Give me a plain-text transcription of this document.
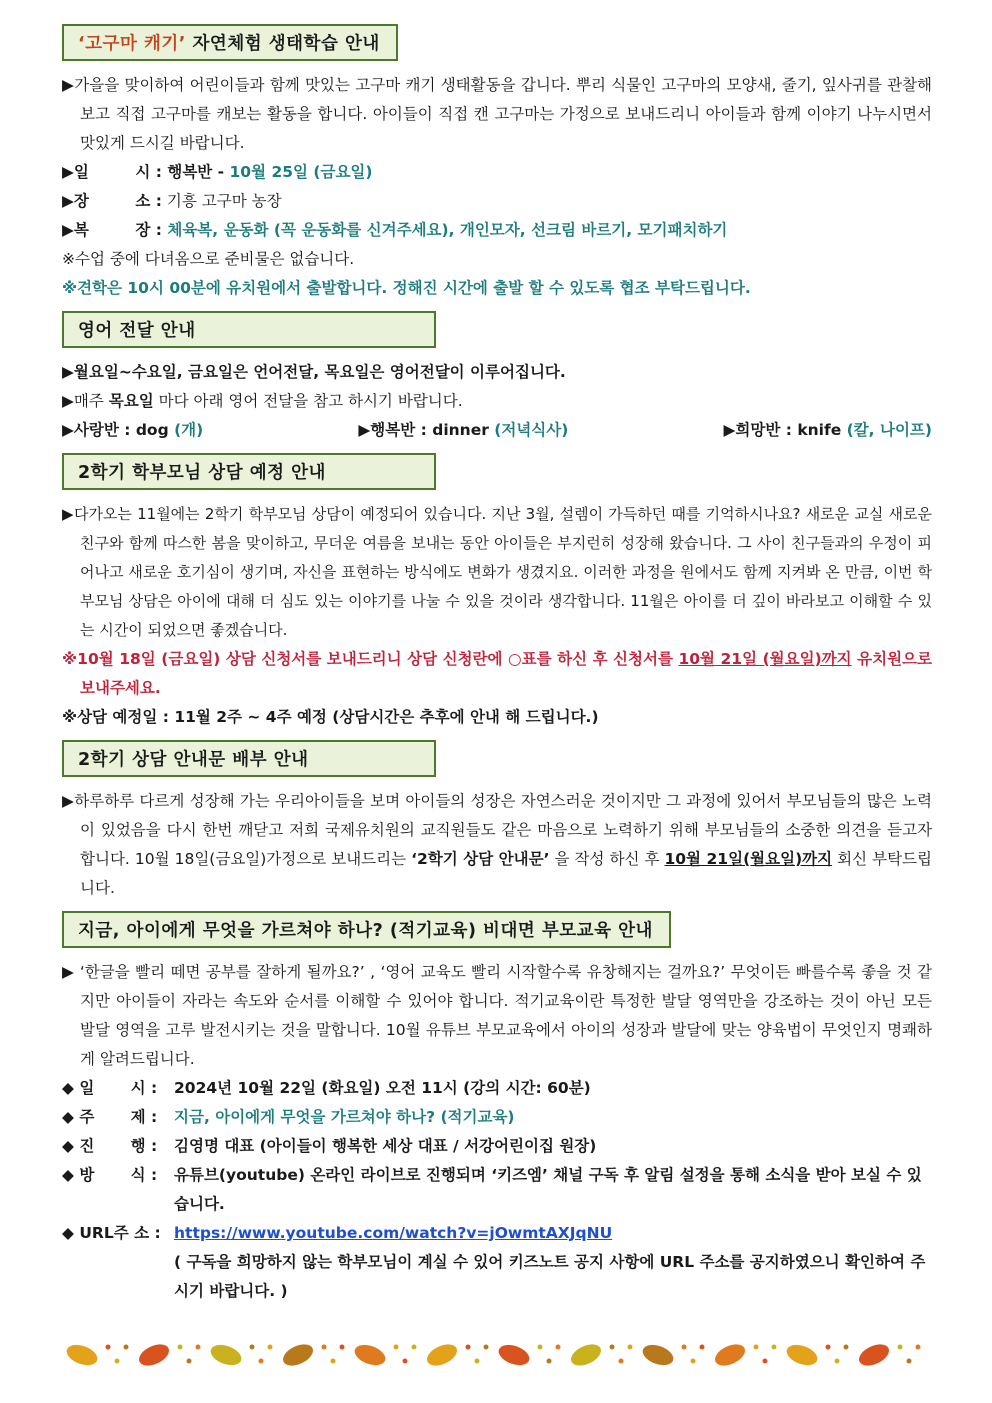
‘고구마 캐기’ 자연체험 생태학습 안내

▶가을을 맞이하여 어린이들과 함께 맛있는 고구마 캐기 생태활동을 갑니다. 뿌리 식물인 고구마의 모양새, 줄기, 잎사귀를 관찰해 보고 직접 고구마를 캐보는 활동을 합니다. 아이들이 직접 캔 고구마는 가정으로 보내드리니 아이들과 함께 이야기 나누시면서 맛있게 드시길 바랍니다.

▶일　　　시 : 행복반 - 10월 25일 (금요일)
▶장　　　소 : 기흥 고구마 농장
▶복　　　장 : 체육복, 운동화 (꼭 운동화를 신겨주세요), 개인모자, 선크림 바르기, 모기패치하기
※수업 중에 다녀옴으로 준비물은 없습니다.
※견학은 10시 00분에 유치원에서 출발합니다. 정해진 시간에 출발 할 수 있도록 협조 부탁드립니다.
영어 전달 안내
▶월요일~수요일, 금요일은 언어전달, 목요일은 영어전달이 이루어집니다.
▶매주 목요일 마다 아래 영어 전달을 참고 하시기 바랍니다.
▶사랑반 : dog (개)	▶행복반 : dinner (저녁식사)	▶희망반 : knife (칼, 나이프)
2학기 학부모님 상담 예정 안내

▶다가오는 11월에는 2학기 학부모님 상담이 예정되어 있습니다. 지난 3월, 설렘이 가득하던 때를 기억하시나요? 새로운 교실 새로운 친구와 함께 따스한 봄을 맞이하고, 무더운 여름을 보내는 동안 아이들은 부지런히 성장해 왔습니다. 그 사이 친구들과의 우정이 피어나고 새로운 호기심이 생기며, 자신을 표현하는 방식에도 변화가 생겼지요. 이러한 과정을 원에서도 함께 지켜봐 온 만큼, 이번 학부모님 상담은 아이에 대해 더 심도 있는 이야기를 나눌 수 있을 것이라 생각합니다. 11월은 아이를 더 깊이 바라보고 이해할 수 있는 시간이 되었으면 좋겠습니다.

※10월 18일 (금요일) 상담 신청서를 보내드리니 상담 신청란에 ○표를 하신 후 신청서를 10월 21일 (월요일)까지 유치원으로 보내주세요.

※상담 예정일 : 11월 2주 ~ 4주 예정 (상담시간은 추후에 안내 해 드립니다.)
2학기 상담 안내문 배부 안내

▶하루하루 다르게 성장해 가는 우리아이들을 보며 아이들의 성장은 자연스러운 것이지만 그 과정에 있어서 부모님들의 많은 노력이 있었음을 다시 한번 깨닫고 저희 국제유치원의 교직원들도 같은 마음으로 노력하기 위해 부모님들의 소중한 의견을 듣고자합니다. 10월 18일(금요일)가정으로 보내드리는 ‘2학기 상담 안내문’ 을 작성 하신 후 10월 21일(월요일)까지 회신 부탁드립니다.

지금, 아이에게 무엇을 가르쳐야 하나? (적기교육) 비대면 부모교육 안내

▶ ‘한글을 빨리 떼면 공부를 잘하게 될까요?’ , ‘영어 교육도 빨리 시작할수록 유창해지는 걸까요?’ 무엇이든 빠를수록 좋을 것 같지만 아이들이 자라는 속도와 순서를 이해할 수 있어야 합니다. 적기교육이란 특정한 발달 영역만을 강조하는 것이 아닌 모든 발달 영역을 고루 발전시키는 것을 말합니다. 10월 유튜브 부모교육에서 아이의 성장과 발달에 맞는 양육법이 무엇인지 명쾌하게 알려드립니다.

◆ 일　　 시 :	2024년 10월 22일 (화요일) 오전 11시 (강의 시간: 60분)
◆ 주　　 제 :	지금, 아이에게 무엇을 가르쳐야 하나? (적기교육)
◆ 진　　 행 :	김영명 대표 (아이들이 행복한 세상 대표 / 서강어린이집 원장)
◆ 방　　 식 :	유튜브(youtube) 온라인 라이브로 진행되며 ‘키즈엠’ 채널 구독 후 알림 설정을 통해 소식을 받아 보실 수 있습니다.
◆ URL주 소 : https://www.youtube.com/watch?v=jOwmtAXJqNU
( 구독을 희망하지 않는 학부모님이 계실 수 있어 키즈노트 공지 사항에 URL 주소를 공지하였으니 확인하여 주시기 바랍니다. )
